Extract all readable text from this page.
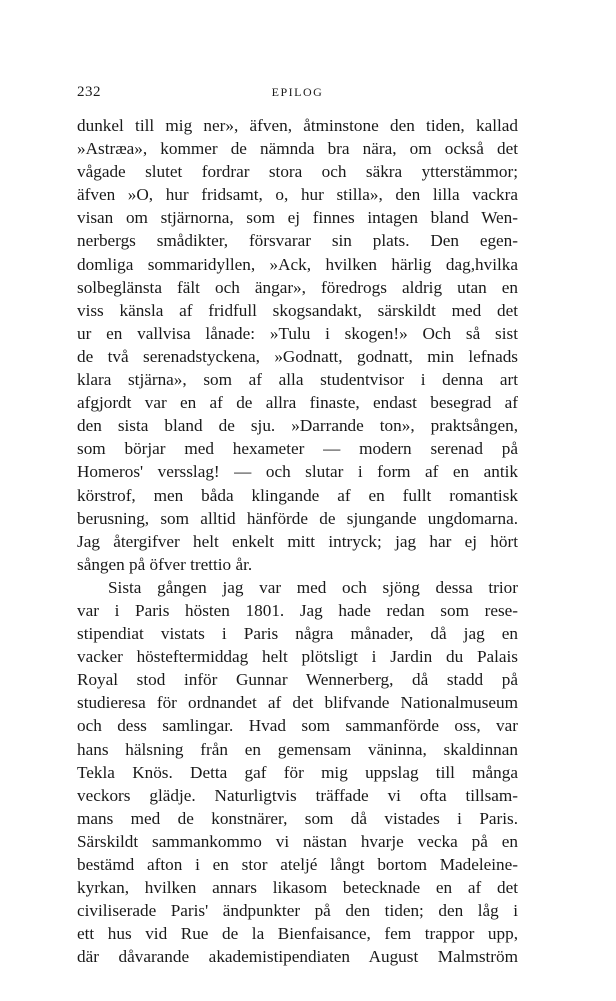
232	EPILOG
dunkel till mig ner», äfven, åtminstone den tiden, kallad
»Astræa», kommer de nämnda bra nära, om också det
vågade slutet fordrar stora och säkra ytterstämmor;
äfven »O, hur fridsamt, o, hur stilla», den lilla vackra
visan om stjärnorna, som ej finnes intagen bland Wen-
nerbergs smådikter, försvarar sin plats. Den egen-
domliga sommaridyllen, »Ack, hvilken härlig dag,hvilka
solbeglänsta fält och ängar», föredrogs aldrig utan en
viss känsla af fridfull skogsandakt, särskildt med det
ur en vallvisa lånade: »Tulu i skogen!» Och så sist
de två serenadstyckena, »Godnatt, godnatt, min lefnads
klara stjärna», som af alla studentvisor i denna art
afgjordt var en af de allra finaste, endast besegrad af
den sista bland de sju. »Darrande ton», praktsången,
som börjar med hexameter — modern serenad på
Homeros' versslag! — och slutar i form af en antik
körstrof, men båda klingande af en fullt romantisk
berusning, som alltid hänförde de sjungande ungdomarna.
Jag återgifver helt enkelt mitt intryck; jag har ej hört
sången på öfver trettio år.
Sista gången jag var med och sjöng dessa trior
var i Paris hösten 1801. Jag hade redan som rese-
stipendiat vistats i Paris några månader, då jag en
vacker hösteftermiddag helt plötsligt i Jardin du Palais
Royal stod inför Gunnar Wennerberg, då stadd på
studieresa för ordnandet af det blifvande Nationalmuseum
och dess samlingar. Hvad som sammanförde oss, var
hans hälsning från en gemensam väninna, skaldinnan
Tekla Knös. Detta gaf för mig uppslag till många
veckors glädje. Naturligtvis träffade vi ofta tillsam-
mans med de konstnärer, som då vistades i Paris.
Särskildt sammankommo vi nästan hvarje vecka på en
bestämd afton i en stor ateljé långt bortom Madeleine-
kyrkan, hvilken annars likasom betecknade en af det
civiliserade Paris' ändpunkter på den tiden; den låg i
ett hus vid Rue de la Bienfaisance, fem trappor upp,
där dåvarande akademistipendiaten August Malmström
